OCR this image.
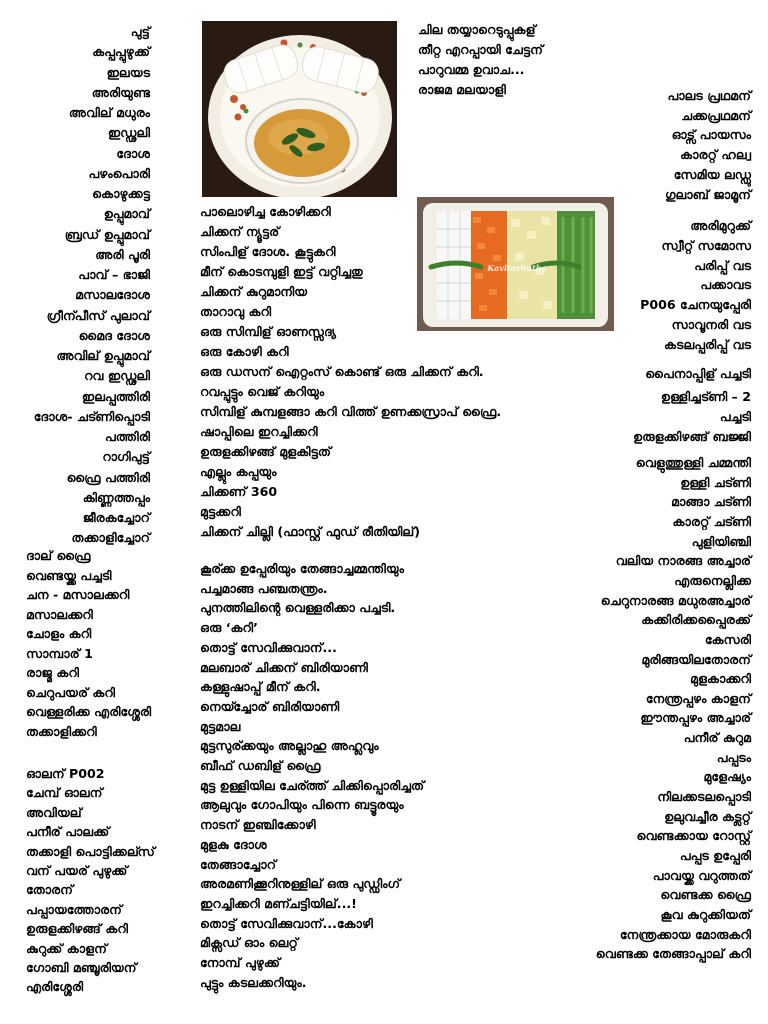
Kavitazhutha
പുട്ട്
കപ്പപ്പുഴുക്ക്
ഇലയട
അരിയുണ്ട
അവില് മധുരം
ഇഡ്ഢലി
ദോശ
പഴംപൊരി
കൊഴുക്കട്ട
ഉപ്പുമാവ്
ബ്രഡ് ഉപ്പുമാവ്
അരി പൂരി
പാവ് – ഭാജി
മസാലദോശ
ഗ്രീന്പീസ് പുലാവ്
മൈദ ദോശ
അവില് ഉപ്പുമാവ്
റവ ഇഡ്ഢലി
ഇലപ്പത്തിരി
ദോശ- ചട്ണിപ്പൊടി
പത്തിരി
റാഗിപുട്ട്
ഫ്രൈ പത്തിരി
കിണ്ണത്തപ്പം
ജീരകച്ചോറ്
തക്കാളിച്ചോറ്
ദാല് ഫ്രൈ
വെണ്ടയ്ക്ക പച്ചടി
ചന - മസാലക്കറി
മസാലക്കറി
ചോളം കറി
സാമ്പാര് 1
രാജ്മ കറി
ചെറുപയര് കറി
വെള്ളരിക്ക എരിശ്ശേരി
തക്കാളിക്കറി
ഓലന് P002
ചേമ്പ് ഓലന്
അവിയല്
പനീര് പാലക്ക്
തക്കാളി പൊട്ടിക്കല്സ്
വന് പയര് പുഴുക്ക്
തോരന്
പപ്പായത്തോരന്
ഉരുളക്കിഴങ്ങ് കറി
കുറുക്ക് കാളന്
ഗോബി മഞ്ചൂരിയന്
എരിശ്ശേരി
ചില തയ്യാറെടുപ്പുകള്
തീറ്റ എറപ്പായി ചേട്ടന്
പാറുവമ്മ ഉവാച...
രാജമ മലയാളി
പാലൊഴിച്ച കോഴിക്കറി
ചിക്കന് ന്യൂട്ടര്
സിംപിള് ദോശ. കൂട്ടുകറി
മീന് കൊടമ്പുളി ഇട്ട് വറ്റിച്ചതു
ചിക്കന് കുറുമാനിയ
താറാവു കറി
ഒരു സിമ്പിള് ഓണസ്സദ്യ
ഒരു കോഴി കറി
ഒരു ഡസന് ഐറ്റംസ് കൊണ്ട് ഒരു ചിക്കന് കറി.
റവപ്പുട്ടും വെജ് കറിയും
സിമ്പിള് കുമ്പളങ്ങാ കറി വിത്ത് ഉണക്കസ്രാപ് ഫ്രൈ.
ഷാപ്പിലെ ഇറച്ചിക്കറി
ഉരുളക്കിഴങ്ങ് മുളകിട്ടത്
എല്ലും കപ്പയും
ചിക്കണ് 360
മുട്ടക്കറി
ചിക്കന് ചില്ലി (ഫാസ്റ്റ് ഫുഡ് രീതിയില്)
കൂര്ക്ക ഉപ്പേരിയും തേങ്ങാച്ചമ്മന്തിയും
പച്ചമാങ്ങ പഞ്ചതന്ത്രം.
പുനത്തിലിന്റെ വെള്ളരിക്കാ പച്ചടി.
ഒരു ‘കറി’
തൊട്ട് സേവിക്കുവാന്...
മലബാര് ചിക്കന് ബിരിയാണി
കള്ളുഷാപ്പ് മീന് കറി.
നെയ്ച്ചോര് ബിരിയാണി
മുട്ടമാല
മുട്ടസുര്ക്കയും അല്ലാഹു അഹ്ലവും
ബീഫ് ഡബിള് ഫ്രൈ
മുട്ട ഉള്ളിയില ചേര്ത്ത് ചിക്കിപ്പൊരിച്ചത്
ആലുവും ഗോപിയും പിന്നെ ബട്ടൂരയും
നാടന് ഇഞ്ചിക്കോഴി
മുളകു ദോശ
തേങ്ങാച്ചോറ്
അരമണിക്കൂറിനുള്ളില് ഒരു പുഡ്ഡിംഗ്
ഇറച്ചിക്കറി മണ്ചട്ടിയില്...!
തൊട്ട് സേവിക്കുവാന്...കോഴി
മിക്സഡ് ഓം ലെറ്റ്
നോമ്പ് പുഴുക്ക്
പുട്ടും കടലക്കറിയും.
പാലട പ്രഥമന്
ചക്കപ്രഥമന്
ഓട്സ് പായസം
കാരറ്റ് ഹല്വ
സേമിയ ലഡ്ഡു
ഗുലാബ് ജാമൂന്
അരിമുറുക്ക്
സ്വീറ്റ് സമോസ
പരിപ്പ് വട
പക്കാവട
P006 ചേനയുപ്പേരി
സാവൂനരി വട
കടലപ്പരിപ്പ് വട
പൈനാപ്പിള് പച്ചടി
ഉള്ളിച്ചട്ണി – 2
പച്ചടി
ഉരുളക്കിഴങ്ങ് ബജ്ജി
വെളുത്തുള്ളി ചമ്മന്തി
ഉള്ളി ചട്ണി
മാങ്ങാ ചട്ണി
കാരറ്റ് ചട്ണി
പുളിയിഞ്ചി
വലിയ നാരങ്ങ അച്ചാര്
എരുനെല്ലിക്ക
ചെറുനാരങ്ങ മധുരഅച്ചാര്
കക്കിരിക്കപ്പൈരക്ക്
കേസരി
മുരിങ്ങയിലതോരന്
മുളകാക്കറി
നേന്ത്രപ്പഴം കാളന്
ഈന്തപ്പഴം അച്ചാര്
പനീര് കുറുമ
പപ്പടം
മുളേഷ്യം
നിലക്കടലപ്പൊടി
ഉലുവച്ചീര കട്ലറ്റ്
വെണ്ടക്കായ റോസ്റ്റ്
പപ്പട ഉപ്പേരി
പാവയ്ക്ക വറുത്തത്
വെണ്ടക്ക ഫ്രൈ
കൂവ കുറുക്കിയത്
നേന്ത്രക്കായ മോരുകറി
വെണ്ടക്ക തേങ്ങാപ്പാല് കറി
